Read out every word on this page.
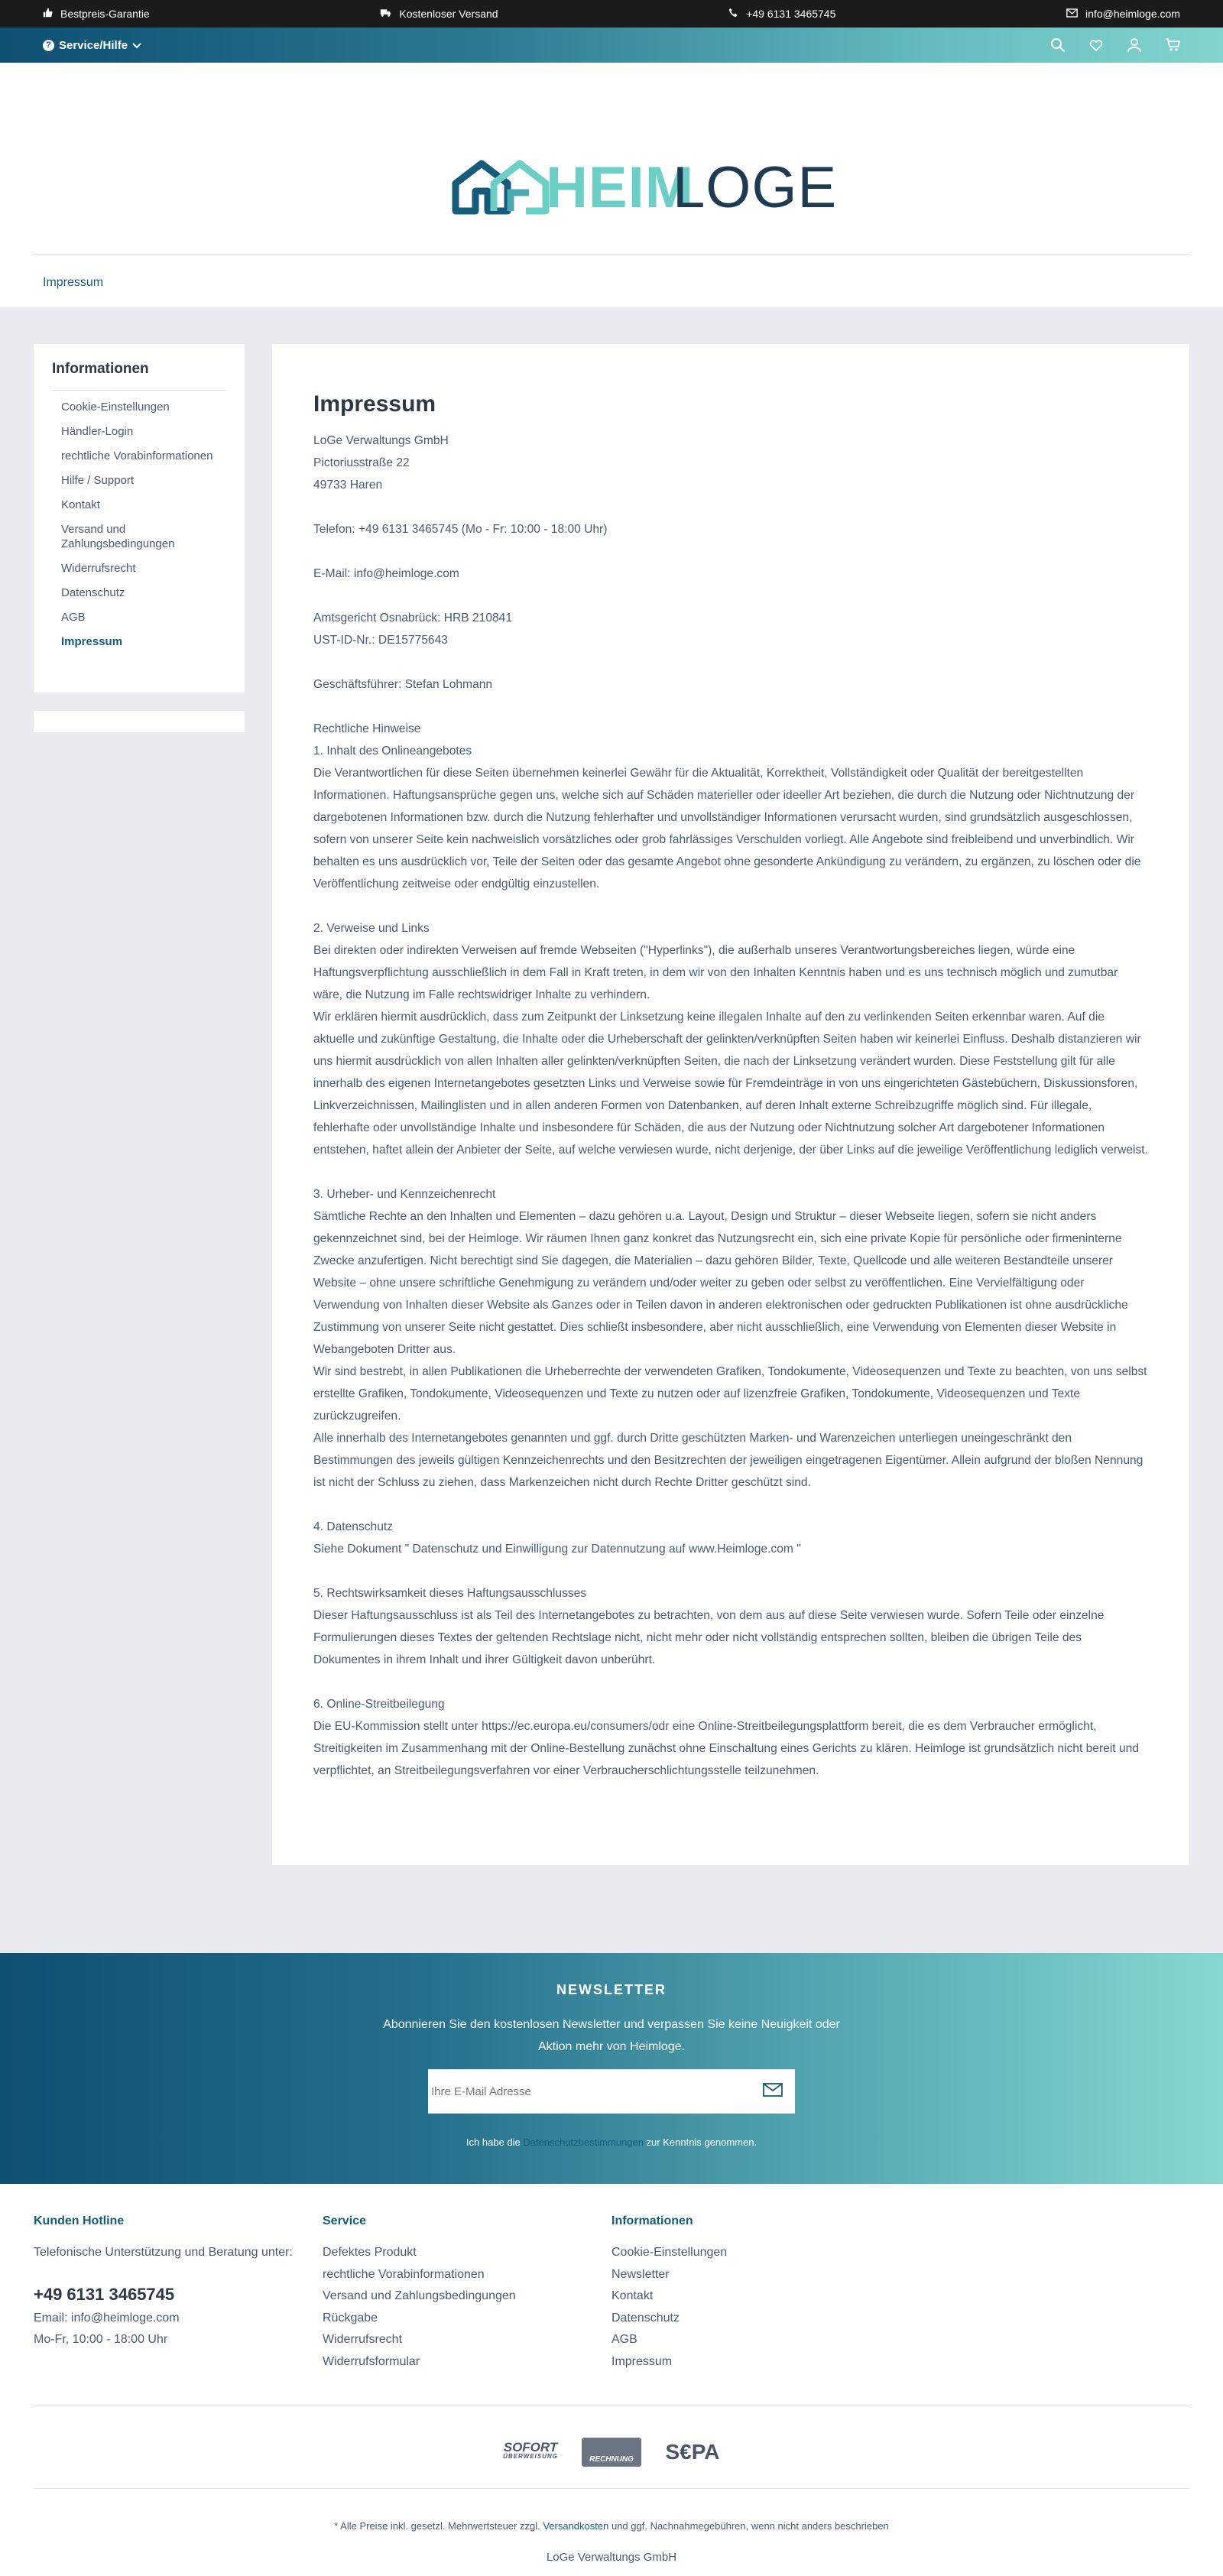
Bestpreis-Garantie	Kostenloser Versand	+49 6131 3465745	info@heimloge.com
? Service/Hilfe
HEIM
LOGE
Impressum
Informationen
Cookie-Einstellungen
Händler-Login
rechtliche Vorabinformationen
Hilfe / Support
Kontakt
Versand und Zahlungsbedingungen
Widerrufsrecht
Datenschutz
AGB
Impressum
Impressum

LoGe Verwaltungs GmbH

Pictoriusstraße 22

49733 Haren

Telefon: +49 6131 3465745 (Mo - Fr: 10:00 - 18:00 Uhr)

E-Mail: info@heimloge.com

Amtsgericht Osnabrück: HRB 210841

UST-ID-Nr.: DE15775643

Geschäftsführer: Stefan Lohmann

Rechtliche Hinweise

1. Inhalt des Onlineangebotes

Die Verantwortlichen für diese Seiten übernehmen keinerlei Gewähr für die Aktualität, Korrektheit, Vollständigkeit oder Qualität der bereitgestellten Informationen. Haftungsansprüche gegen uns, welche sich auf Schäden materieller oder ideeller Art beziehen, die durch die Nutzung oder Nichtnutzung der dargebotenen Informationen bzw. durch die Nutzung fehlerhafter und unvollständiger Informationen verursacht wurden, sind grundsätzlich ausgeschlossen, sofern von unserer Seite kein nachweislich vorsätzliches oder grob fahrlässiges Verschulden vorliegt. Alle Angebote sind freibleibend und unverbindlich. Wir behalten es uns ausdrücklich vor, Teile der Seiten oder das gesamte Angebot ohne gesonderte Ankündigung zu verändern, zu ergänzen, zu löschen oder die Veröffentlichung zeitweise oder endgültig einzustellen.

2. Verweise und Links

Bei direkten oder indirekten Verweisen auf fremde Webseiten ("Hyperlinks"), die außerhalb unseres Verantwortungsbereiches liegen, würde eine Haftungsverpflichtung ausschließlich in dem Fall in Kraft treten, in dem wir von den Inhalten Kenntnis haben und es uns technisch möglich und zumutbar wäre, die Nutzung im Falle rechtswidriger Inhalte zu verhindern.

Wir erklären hiermit ausdrücklich, dass zum Zeitpunkt der Linksetzung keine illegalen Inhalte auf den zu verlinkenden Seiten erkennbar waren. Auf die aktuelle und zukünftige Gestaltung, die Inhalte oder die Urheberschaft der gelinkten/verknüpften Seiten haben wir keinerlei Einfluss. Deshalb distanzieren wir uns hiermit ausdrücklich von allen Inhalten aller gelinkten/verknüpften Seiten, die nach der Linksetzung verändert wurden. Diese Feststellung gilt für alle innerhalb des eigenen Internetangebotes gesetzten Links und Verweise sowie für Fremdeinträge in von uns eingerichteten Gästebüchern, Diskussionsforen, Linkverzeichnissen, Mailinglisten und in allen anderen Formen von Datenbanken, auf deren Inhalt externe Schreibzugriffe möglich sind. Für illegale, fehlerhafte oder unvollständige Inhalte und insbesondere für Schäden, die aus der Nutzung oder Nichtnutzung solcher Art dargebotener Informationen entstehen, haftet allein der Anbieter der Seite, auf welche verwiesen wurde, nicht derjenige, der über Links auf die jeweilige Veröffentlichung lediglich verweist.

3. Urheber- und Kennzeichenrecht

Sämtliche Rechte an den Inhalten und Elementen – dazu gehören u.a. Layout, Design und Struktur – dieser Webseite liegen, sofern sie nicht anders gekennzeichnet sind, bei der Heimloge. Wir räumen Ihnen ganz konkret das Nutzungsrecht ein, sich eine private Kopie für persönliche oder firmeninterne Zwecke anzufertigen. Nicht berechtigt sind Sie dagegen, die Materialien – dazu gehören Bilder, Texte, Quellcode und alle weiteren Bestandteile unserer Website – ohne unsere schriftliche Genehmigung zu verändern und/oder weiter zu geben oder selbst zu veröffentlichen. Eine Vervielfältigung oder Verwendung von Inhalten dieser Website als Ganzes oder in Teilen davon in anderen elektronischen oder gedruckten Publikationen ist ohne ausdrückliche Zustimmung von unserer Seite nicht gestattet. Dies schließt insbesondere, aber nicht ausschließlich, eine Verwendung von Elementen dieser Website in Webangeboten Dritter aus.

Wir sind bestrebt, in allen Publikationen die Urheberrechte der verwendeten Grafiken, Tondokumente, Videosequenzen und Texte zu beachten, von uns selbst erstellte Grafiken, Tondokumente, Videosequenzen und Texte zu nutzen oder auf lizenzfreie Grafiken, Tondokumente, Videosequenzen und Texte zurückzugreifen.

Alle innerhalb des Internetangebotes genannten und ggf. durch Dritte geschützten Marken- und Warenzeichen unterliegen uneingeschränkt den Bestimmungen des jeweils gültigen Kennzeichenrechts und den Besitzrechten der jeweiligen eingetragenen Eigentümer. Allein aufgrund der bloßen Nennung ist nicht der Schluss zu ziehen, dass Markenzeichen nicht durch Rechte Dritter geschützt sind.

4. Datenschutz

Siehe Dokument " Datenschutz und Einwilligung zur Datennutzung auf www.Heimloge.com "

5. Rechtswirksamkeit dieses Haftungsausschlusses

Dieser Haftungsausschluss ist als Teil des Internetangebotes zu betrachten, von dem aus auf diese Seite verwiesen wurde. Sofern Teile oder einzelne Formulierungen dieses Textes der geltenden Rechtslage nicht, nicht mehr oder nicht vollständig entsprechen sollten, bleiben die übrigen Teile des Dokumentes in ihrem Inhalt und ihrer Gültigkeit davon unberührt.

6. Online-Streitbeilegung

Die EU-Kommission stellt unter https://ec.europa.eu/consumers/odr eine Online-Streitbeilegungsplattform bereit, die es dem Verbraucher ermöglicht, Streitigkeiten im Zusammenhang mit der Online-Bestellung zunächst ohne Einschaltung eines Gerichts zu klären. Heimloge ist grundsätzlich nicht bereit und verpflichtet, an Streitbeilegungsverfahren vor einer Verbraucherschlichtungsstelle teilzunehmen.

NEWSLETTER
Abonnieren Sie den kostenlosen Newsletter und verpassen Sie keine Neuigkeit oder
Aktion mehr von Heimloge.
Ihre E-Mail Adresse
Ich habe die Datenschutzbestimmungen zur Kenntnis genommen.
Kunden Hotline
Telefonische Unterstützung und Beratung unter:
+49 6131 3465745
Email: info@heimloge.com
Mo-Fr, 10:00 - 18:00 Uhr
Service
Defektes Produkt
rechtliche Vorabinformationen
Versand und Zahlungsbedingungen
Rückgabe
Widerrufsrecht
Widerrufsformular
Informationen
Cookie-Einstellungen
Newsletter
Kontakt
Datenschutz
AGB
Impressum
SOFORT
ÜBERWEISUNG	RECHNUNG S€PA
* Alle Preise inkl. gesetzl. Mehrwertsteuer zzgl. Versandkosten und ggf. Nachnahmegebühren, wenn nicht anders beschrieben
LoGe Verwaltungs GmbH
